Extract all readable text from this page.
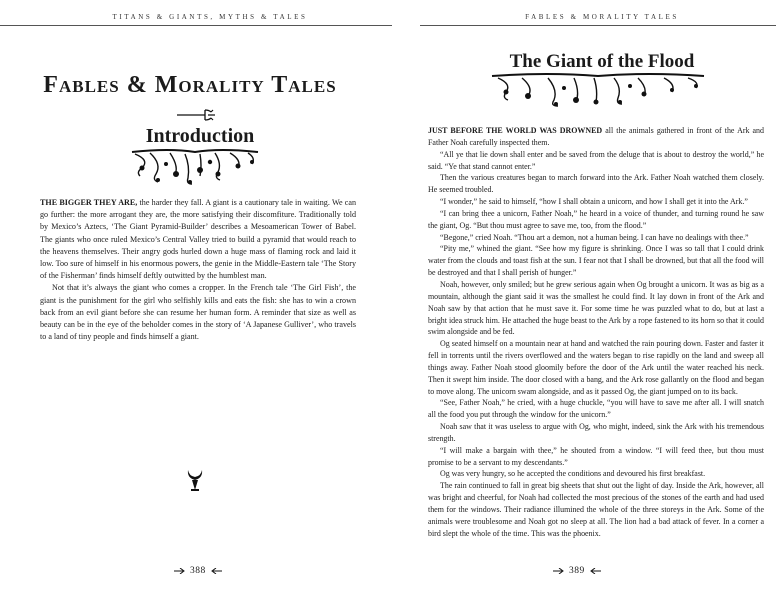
TITANS & GIANTS, MYTHS & TALES
Fables & Morality Tales
Introduction

THE BIGGER THEY ARE, the harder they fall. A giant is a cautionary tale in waiting. We can go further: the more arrogant they are, the more satisfying their discomfiture. Traditionally told by Mexico’s Aztecs, ‘The Giant Pyramid-Builder’ describes a Mesoamerican Tower of Babel. The giants who once ruled Mexico’s Central Valley tried to build a pyramid that would reach to the heavens themselves. Their angry gods hurled down a huge mass of flaming rock and laid it low. Too sure of himself in his enormous powers, the genie in the Middle-Eastern tale ‘The Story of the Fisherman’ finds himself deftly outwitted by the humblest man.

Not that it’s always the giant who comes a cropper. In the French tale ‘The Girl Fish’, the giant is the punishment for the girl who selfishly kills and eats the fish: she has to win a crown back from an evil giant before she can resume her human form. A reminder that size as well as beauty can be in the eye of the beholder comes in the story of ‘A Japanese Gulliver’, who travels to a land of tiny people and finds himself a giant.

388
FABLES & MORALITY TALES
The Giant of the Flood

JUST BEFORE THE WORLD WAS DROWNED all the animals gathered in front of the Ark and Father Noah carefully inspected them.

“All ye that lie down shall enter and be saved from the deluge that is about to destroy the world,” he said. “Ye that stand cannot enter.”

Then the various creatures began to march forward into the Ark. Father Noah watched them closely. He seemed troubled.

“I wonder,” he said to himself, “how I shall obtain a unicorn, and how I shall get it into the Ark.”

“I can bring thee a unicorn, Father Noah,” he heard in a voice of thunder, and turning round he saw the giant, Og. “But thou must agree to save me, too, from the flood.”

“Begone,” cried Noah. “Thou art a demon, not a human being. I can have no dealings with thee.”

“Pity me,” whined the giant. “See how my figure is shrinking. Once I was so tall that I could drink water from the clouds and toast fish at the sun. I fear not that I shall be drowned, but that all the food will be destroyed and that I shall perish of hunger.”

Noah, however, only smiled; but he grew serious again when Og brought a unicorn. It was as big as a mountain, although the giant said it was the smallest he could find. It lay down in front of the Ark and Noah saw by that action that he must save it. For some time he was puzzled what to do, but at last a bright idea struck him. He attached the huge beast to the Ark by a rope fastened to its horn so that it could swim alongside and be fed.

Og seated himself on a mountain near at hand and watched the rain pouring down. Faster and faster it fell in torrents until the rivers overflowed and the waters began to rise rapidly on the land and sweep all things away. Father Noah stood gloomily before the door of the Ark until the water reached his neck. Then it swept him inside. The door closed with a bang, and the Ark rose gallantly on the flood and began to move along. The unicorn swam alongside, and as it passed Og, the giant jumped on to its back.

“See, Father Noah,” he cried, with a huge chuckle, “you will have to save me after all. I will snatch all the food you put through the window for the unicorn.”

Noah saw that it was useless to argue with Og, who might, indeed, sink the Ark with his tremendous strength.

“I will make a bargain with thee,” he shouted from a window. “I will feed thee, but thou must promise to be a servant to my descendants.”

Og was very hungry, so he accepted the conditions and devoured his first breakfast.

The rain continued to fall in great big sheets that shut out the light of day. Inside the Ark, however, all was bright and cheerful, for Noah had collected the most precious of the stones of the earth and had used them for the windows. Their radiance illumined the whole of the three storeys in the Ark. Some of the animals were troublesome and Noah got no sleep at all. The lion had a bad attack of fever. In a corner a bird slept the whole of the time. This was the phoenix.

389
